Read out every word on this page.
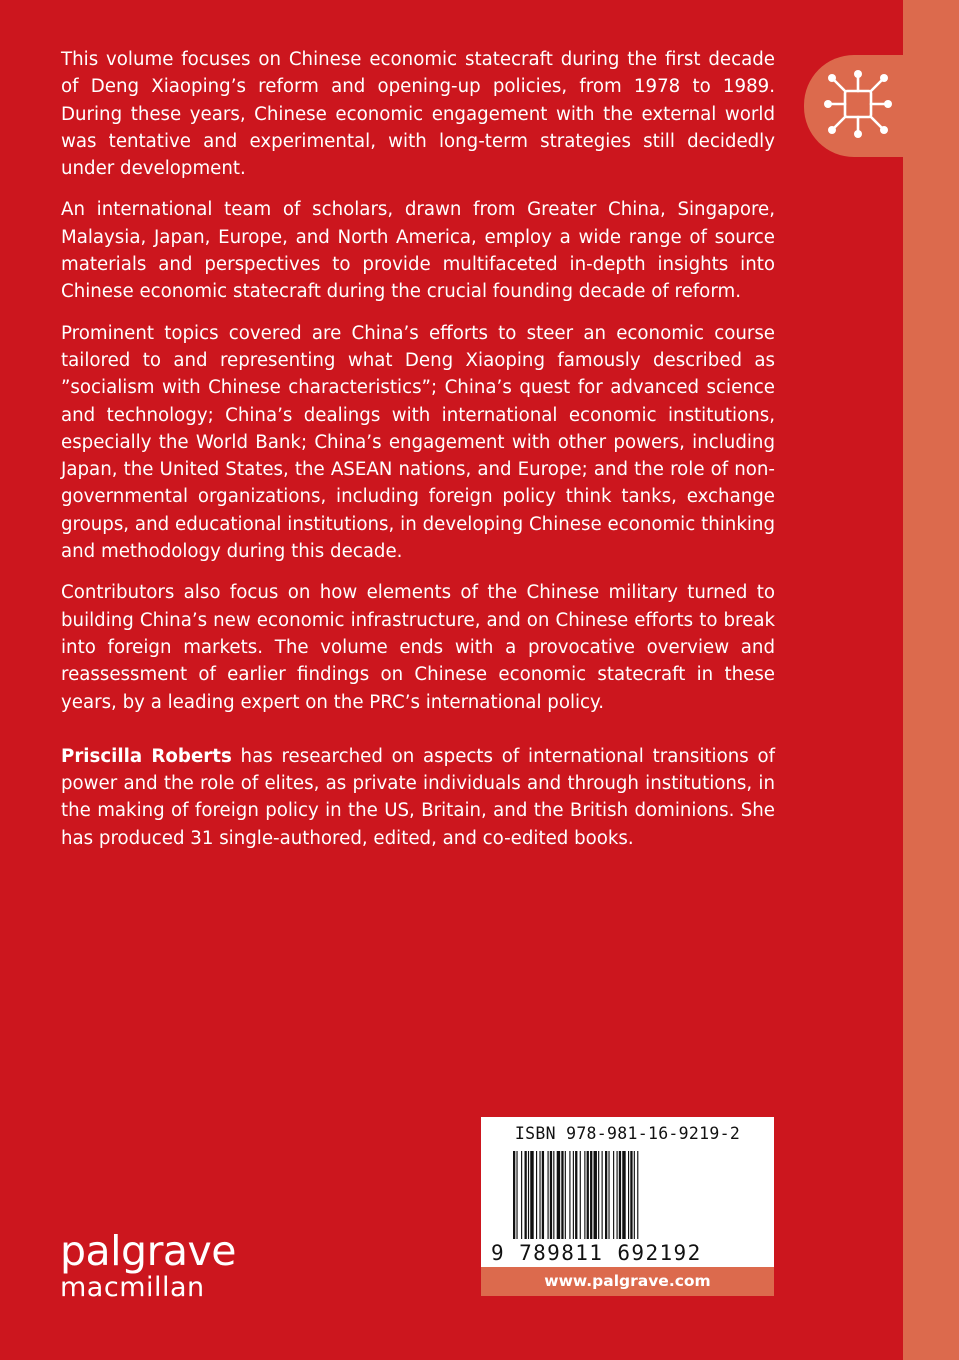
This volume focuses on Chinese economic statecraft during the first decade of Deng Xiaoping’s reform and opening-up policies, from 1978 to 1989. During these years, Chinese economic engagement with the external world was tentative and experimental, with long-term strategies still decidedly under development.

An international team of scholars, drawn from Greater China, Singapore, Malaysia, Japan, Europe, and North America, employ a wide range of source materials and perspectives to provide multifaceted in-depth insights into Chinese economic statecraft during the crucial founding decade of reform.

Prominent topics covered are China’s efforts to steer an economic course tailored to and representing what Deng Xiaoping famously described as ”socialism with Chinese characteristics”; China’s quest for advanced science and technology; China’s dealings with international economic institutions, especially the World Bank; China’s engagement with other powers, including Japan, the United States, the ASEAN nations, and Europe; and the role of non-governmental organizations, including foreign policy think tanks, exchange groups, and educational institutions, in developing Chinese economic thinking and methodology during this decade.

Contributors also focus on how elements of the Chinese military turned to building China’s new economic infrastructure, and on Chinese efforts to break into foreign markets. The volume ends with a provocative overview and reassessment of earlier findings on Chinese economic statecraft in these years, by a leading expert on the PRC’s international policy.

Priscilla Roberts has researched on aspects of international transitions of power and the role of elites, as private individuals and through institutions, in the making of foreign policy in the US, Britain, and the British dominions. She has produced 31 single-authored, edited, and co-edited books.

palgrave
macmillan
ISBN 978-981-16-9219-2
9 789811 692192
www.palgrave.com
